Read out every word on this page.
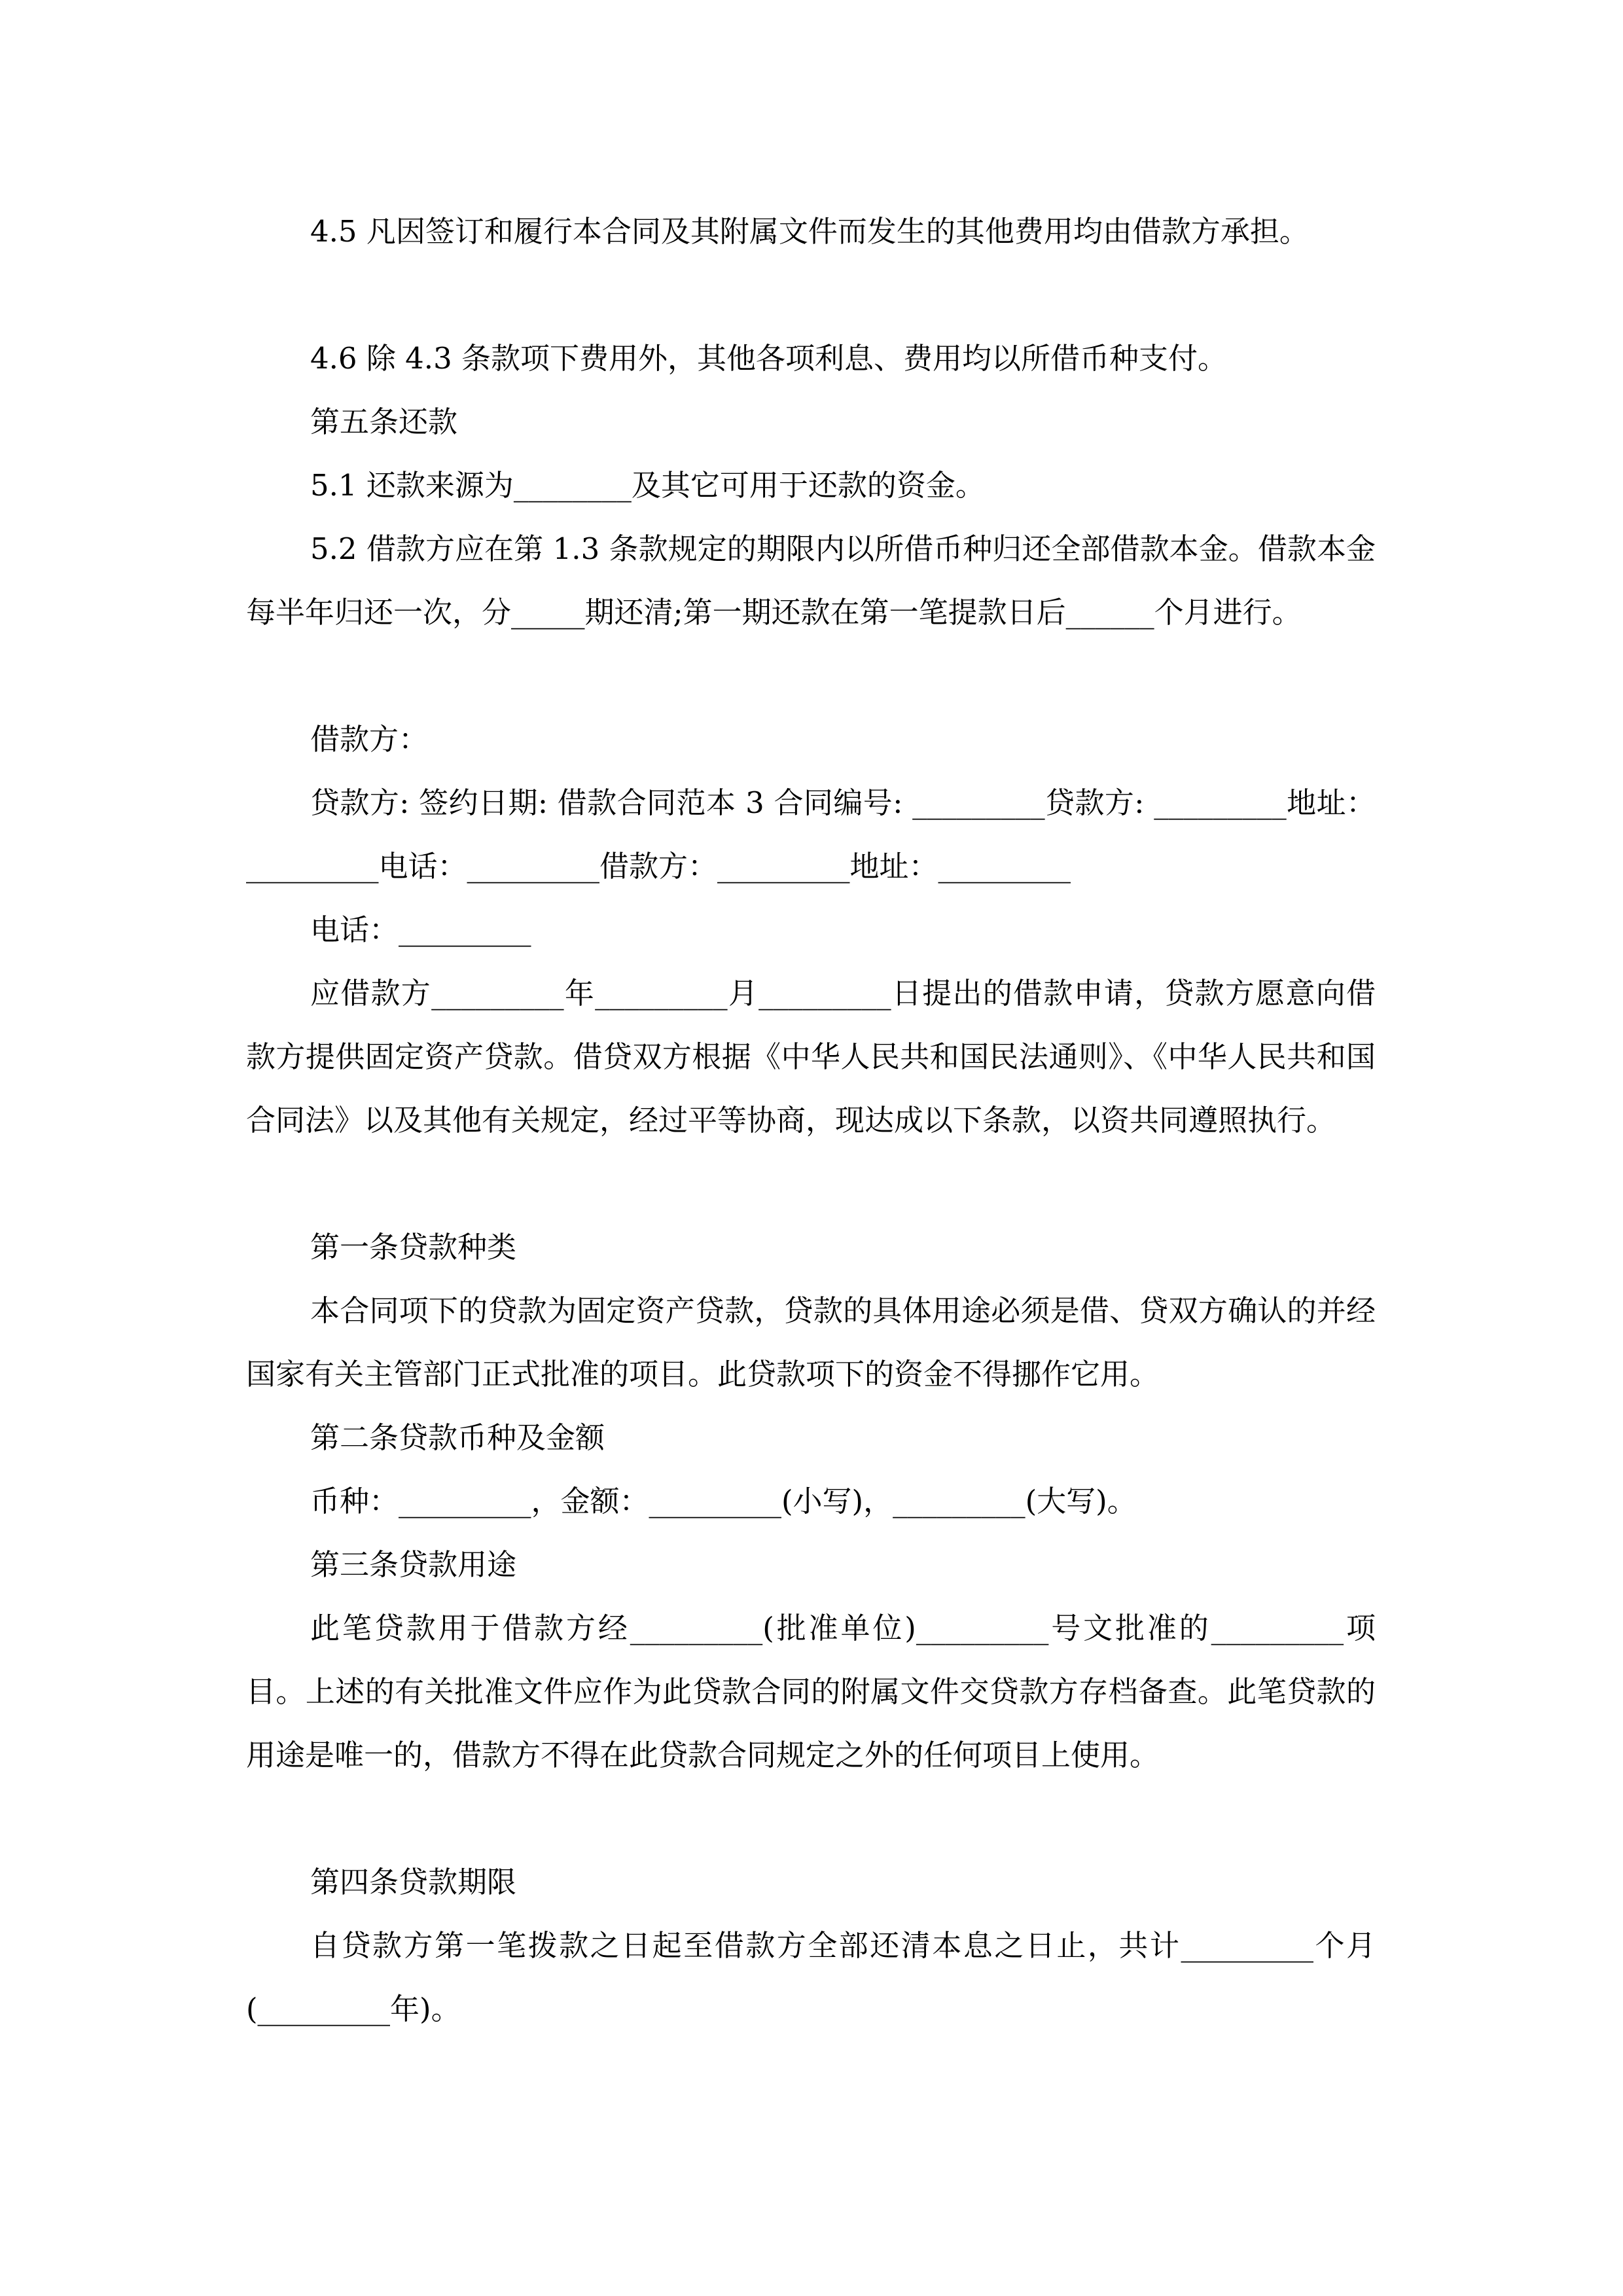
4.5 凡因签订和履行本合同及其附属文件而发生的其他费用均由借款方承担。

4.6 除 4.3 条款项下费用外，其他各项利息、费用均以所借币种支付。

第五条还款

5.1 还款来源为________及其它可用于还款的资金。

5.2 借款方应在第 1.3 条款规定的期限内以所借币种归还全部借款本金。借款本金每半年归还一次，分_____期还清;第一期还款在第一笔提款日后______个月进行。

借款方：

贷款方: 签约日期: 借款合同范本 3 合同编号: _________贷款方: _________地址：_________电话：_________借款方：_________地址：_________

电话：_________

应借款方_________年_________月_________日提出的借款申请，贷款方愿意向借款方提供固定资产贷款。借贷双方根据《中华人民共和国民法通则》、《中华人民共和国合同法》以及其他有关规定，经过平等协商，现达成以下条款，以资共同遵照执行。

第一条贷款种类

本合同项下的贷款为固定资产贷款，贷款的具体用途必须是借、贷双方确认的并经国家有关主管部门正式批准的项目。此贷款项下的资金不得挪作它用。

第二条贷款币种及金额

币种：_________，金额：_________(小写)，_________(大写)。

第三条贷款用途

此笔贷款用于借款方经_________(批准单位)_________号文批准的_________项目。上述的有关批准文件应作为此贷款合同的附属文件交贷款方存档备查。此笔贷款的用途是唯一的，借款方不得在此贷款合同规定之外的任何项目上使用。

第四条贷款期限

自贷款方第一笔拨款之日起至借款方全部还清本息之日止，共计_________个月(_________年)。
